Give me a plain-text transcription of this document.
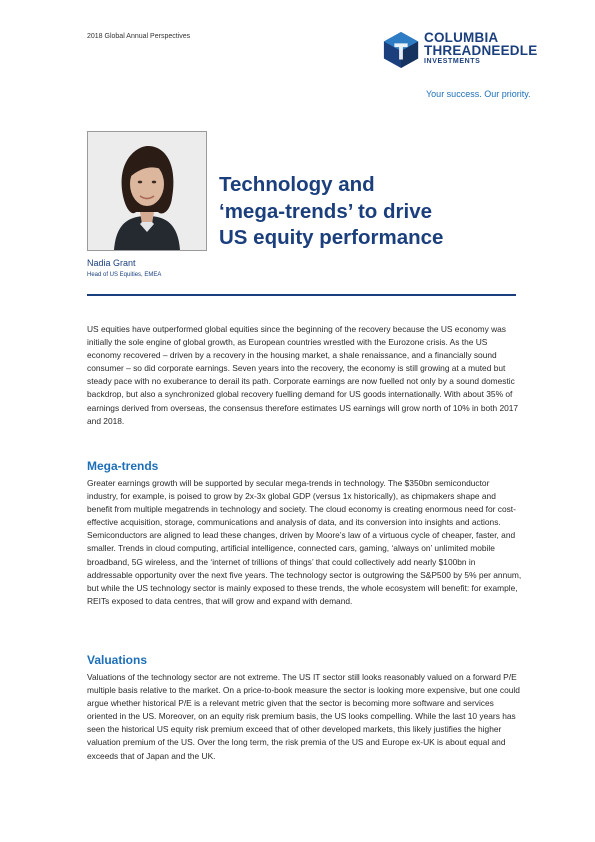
2018 Global Annual Perspectives	COLUMBIA
THREADNEEDLE
INVESTMENTS
Your success. Our priority.
Nadia Grant
Head of US Equities, EMEA
Technology and
‘mega-trends’ to drive
US equity performance

US equities have outperformed global equities since the beginning of the recovery because the US economy was initially the sole engine of global growth, as European countries wrestled with the Eurozone crisis. As the US economy recovered – driven by a recovery in the housing market, a shale renaissance, and a financially sound consumer – so did corporate earnings. Seven years into the recovery, the economy is still growing at a muted but steady pace with no exuberance to derail its path. Corporate earnings are now fuelled not only by a sound domestic backdrop, but also a synchronized global recovery fuelling demand for US goods internationally. With about 35% of earnings derived from overseas, the consensus therefore estimates US earnings will grow north of 10% in both 2017 and 2018.

Mega-trends

Greater earnings growth will be supported by secular mega-trends in technology. The $350bn semiconductor industry, for example, is poised to grow by 2x-3x global GDP (versus 1x historically), as chipmakers shape and benefit from multiple megatrends in technology and society. The cloud economy is creating enormous need for cost-effective acquisition, storage, communications and analysis of data, and its conversion into insights and actions. Semiconductors are aligned to lead these changes, driven by Moore’s law of a virtuous cycle of cheaper, faster, and smaller. Trends in cloud computing, artificial intelligence, connected cars, gaming, ‘always on’ unlimited mobile broadband, 5G wireless, and the ‘internet of trillions of things’ that could collectively add nearly $100bn in addressable opportunity over the next five years. The technology sector is outgrowing the S&P500 by 5% per annum, but while the US technology sector is mainly exposed to these trends, the whole ecosystem will benefit: for example, REITs exposed to data centres, that will grow and expand with demand.

Valuations

Valuations of the technology sector are not extreme. The US IT sector still looks reasonably valued on a forward P/E multiple basis relative to the market. On a price-to-book measure the sector is looking more expensive, but one could argue whether historical P/E is a relevant metric given that the sector is becoming more software and services oriented in the US. Moreover, on an equity risk premium basis, the US looks compelling. While the last 10 years has seen the historical US equity risk premium exceed that of other developed markets, this likely justifies the higher valuation premium of the US. Over the long term, the risk premia of the US and Europe ex-UK is about equal and exceeds that of Japan and the UK.
